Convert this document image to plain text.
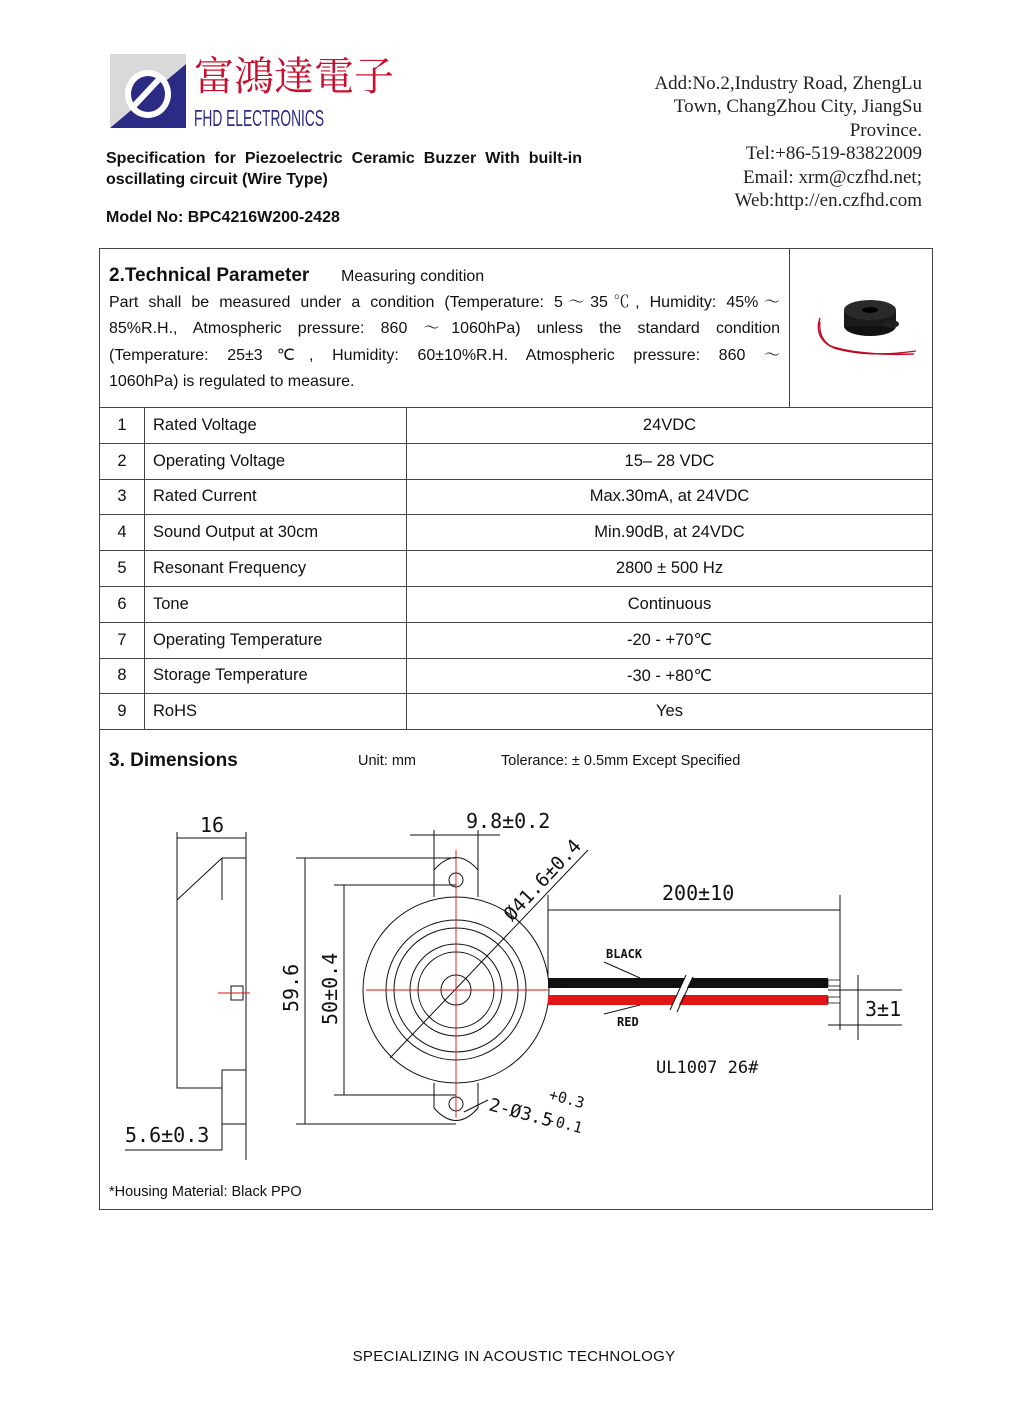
富鴻達電子
FHD ELECTRONICS
Add:No.2,Industry Road, ZhengLu
Town, ChangZhou City, JiangSu
Province.
Tel:+86-519-83822009
Email: xrm@czfhd.net;
Web:http://en.czfhd.com
Specification for Piezoelectric Ceramic Buzzer With built-in oscillating circuit (Wire Type)
Model No: BPC4216W200-2428
2.Technical Parameter Measuring condition
Part shall be measured under a condition (Temperature: 5～35℃, Humidity: 45%～
85%R.H., Atmospheric pressure: 860 ～1060hPa) unless the standard condition
(Temperature: 25±3℃, Humidity: 60±10%R.H. Atmospheric pressure: 860 ～
1060hPa) is regulated to measure.
1	Rated Voltage	24VDC
2	Operating Voltage	15– 28 VDC
3	Rated Current	Max.30mA, at 24VDC
4	Sound Output at 30cm	Min.90dB, at 24VDC
5	Resonant Frequency	2800 ± 500 Hz
6	Tone	Continuous
7	Operating Temperature	-20 - +70℃
8	Storage Temperature	-30 - +80℃
9	RoHS	Yes
3. Dimensions	Unit: mm	Tolerance: ± 0.5mm Except Specified
16	9.8±0.2
Ø41.6±0.4	200±10
BLACK
RED
3±1
UL1007 26#
59.6 50±0.4
2-Ø3.5
+0.3
-0.1
5.6±0.3
*Housing Material: Black PPO
SPECIALIZING IN ACOUSTIC TECHNOLOGY
